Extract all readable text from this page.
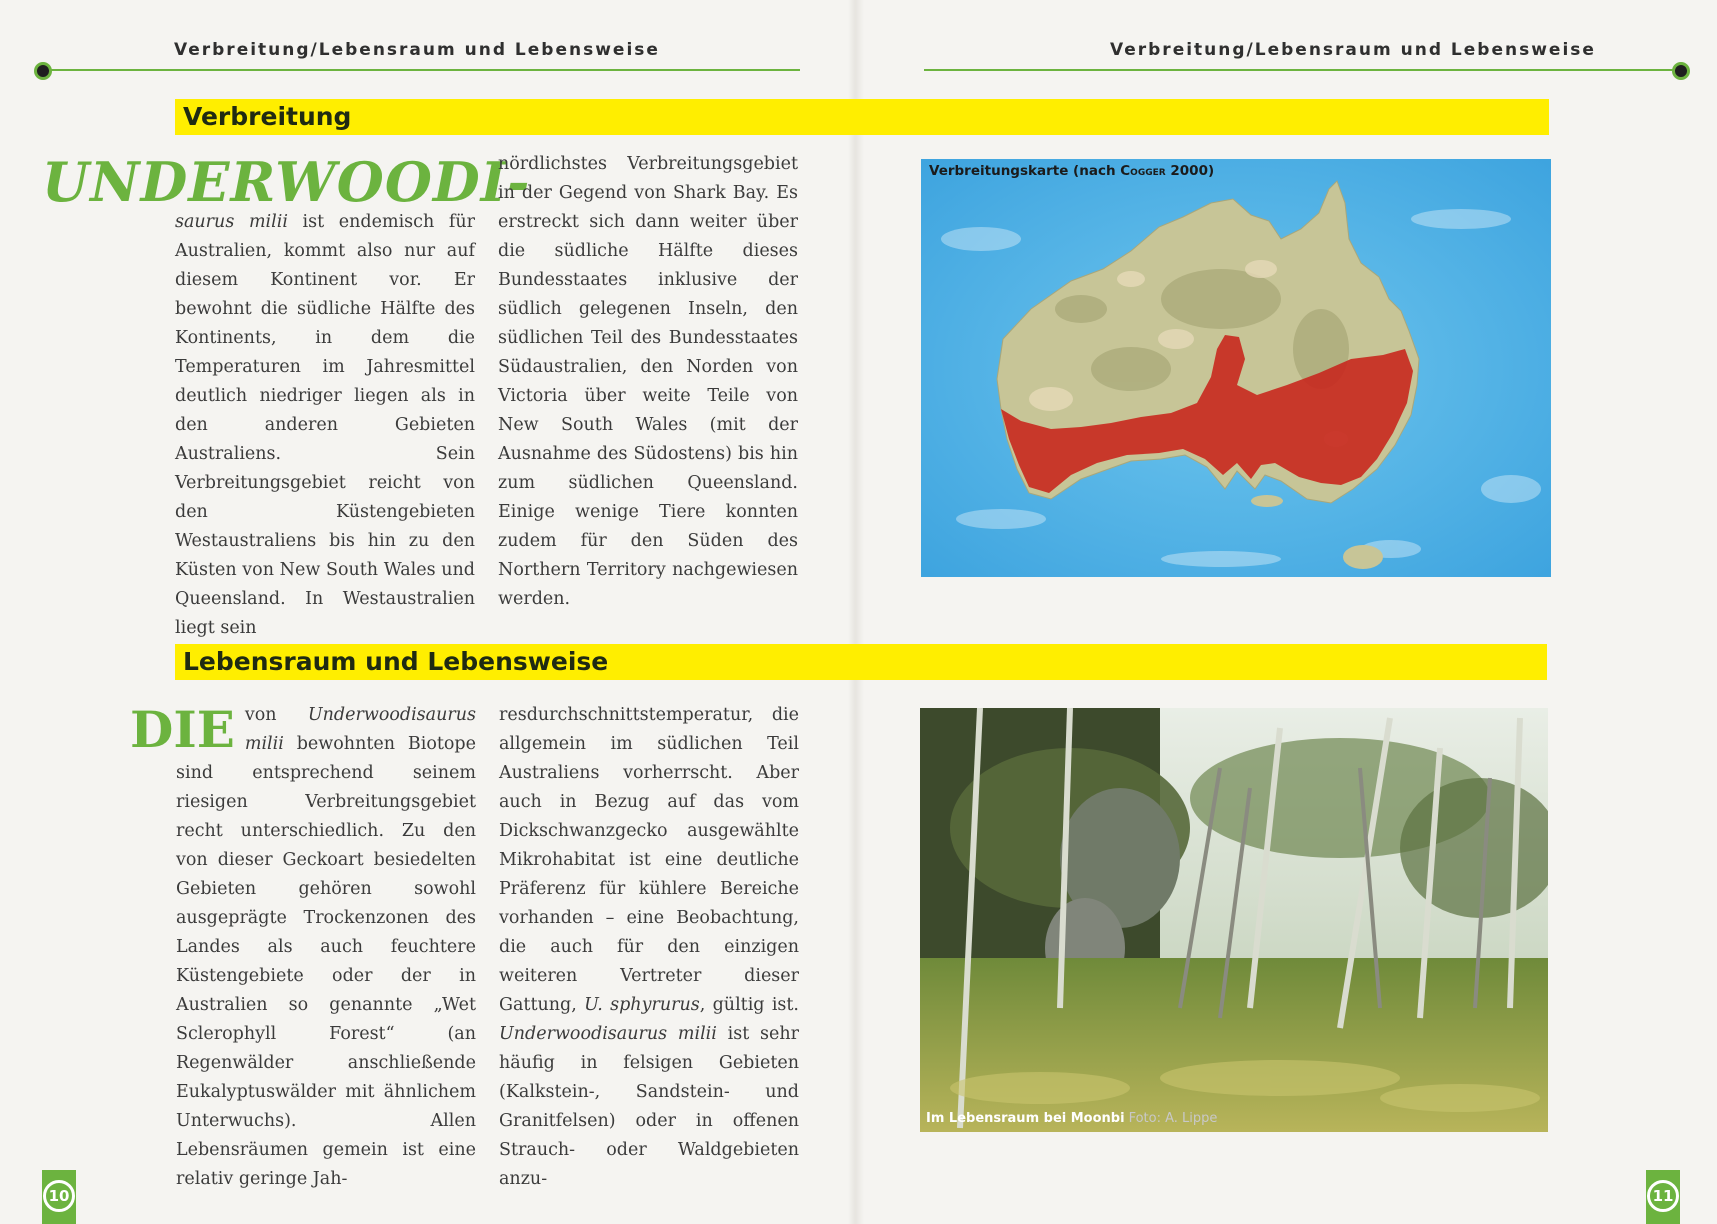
Verbreitung/Lebensraum und Lebensweise	Verbreitung/Lebensraum und Lebensweise
Verbreitung
UNDERWOODI-

saurus milii ist endemisch für Australien, kommt also nur auf diesem Kontinent vor. Er bewohnt die südliche Hälfte des Kontinents, in dem die Temperaturen im Jahresmittel deutlich niedriger liegen als in den anderen Gebieten Australiens. Sein Verbreitungsgebiet reicht von den Küstengebieten Westaustraliens bis hin zu den Küsten von New South Wales und Queensland. In Westaustralien liegt sein

nördlichstes Verbreitungsgebiet in der Gegend von Shark Bay. Es erstreckt sich dann weiter über die südliche Hälfte dieses Bundesstaates inklusive der südlich gelegenen Inseln, den südlichen Teil des Bundesstaates Südaustralien, den Norden von Victoria über weite Teile von New South Wales (mit der Ausnahme des Südostens) bis hin zum südlichen Queensland. Einige wenige Tiere konnten zudem für den Süden des Northern Territory nachgewiesen werden.

Verbreitungskarte (nach Cogger 2000)
Lebensraum und Lebensweise

DIE von Underwoodisaurus milii bewohnten Biotope sind entsprechend seinem riesigen Verbreitungsgebiet recht unterschiedlich. Zu den von dieser Geckoart besiedelten Gebieten gehören sowohl ausgeprägte Trockenzonen des Landes als auch feuchtere Küstengebiete oder der in Australien so genannte „Wet Sclerophyll Forest“ (an Regenwälder anschließende Eukalyptuswälder mit ähnlichem Unterwuchs). Allen Lebensräumen gemein ist eine relativ geringe Jah-

resdurchschnittstemperatur, die allgemein im südlichen Teil Australiens vorherrscht. Aber auch in Bezug auf das vom Dickschwanzgecko ausgewählte Mikrohabitat ist eine deutliche Präferenz für kühlere Bereiche vorhanden – eine Beobachtung, die auch für den einzigen weiteren Vertreter dieser Gattung, U. sphyrurus, gültig ist. Underwoodisaurus milii ist sehr häufig in felsigen Gebieten (Kalkstein-, Sandstein- und Granitfelsen) oder in offenen Strauch- oder Waldgebieten anzu-

Im Lebensraum bei Moonbi Foto: A. Lippe
10	11
